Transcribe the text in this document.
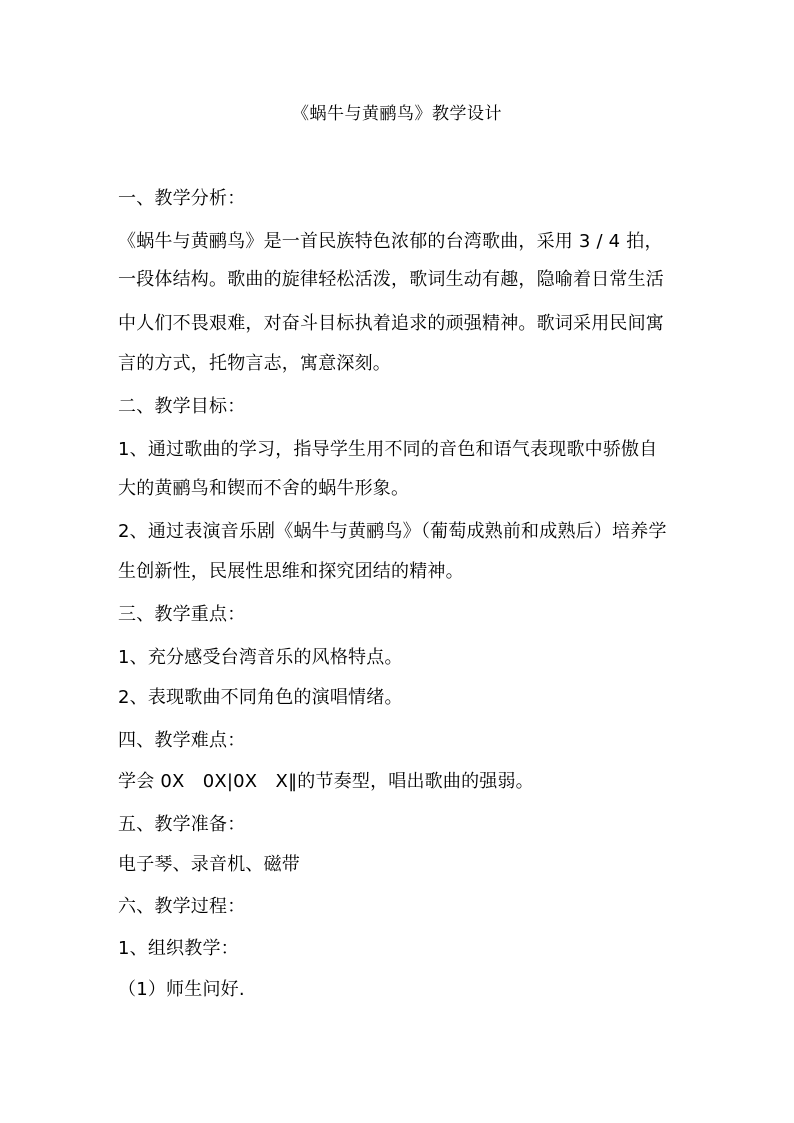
《蜗牛与黄鹂鸟》教学设计
一、教学分析：
《蜗牛与黄鹂鸟》是一首民族特色浓郁的台湾歌曲，采用 3 / 4 拍，
一段体结构。歌曲的旋律轻松活泼，歌词生动有趣，隐喻着日常生活
中人们不畏艰难，对奋斗目标执着追求的顽强精神。歌词采用民间寓
言的方式，托物言志，寓意深刻。
二、教学目标：
1、通过歌曲的学习，指导学生用不同的音色和语气表现歌中骄傲自
大的黄鹂鸟和锲而不舍的蜗牛形象。
2、通过表演音乐剧《蜗牛与黄鹂鸟》（葡萄成熟前和成熟后）培养学
生创新性，民展性思维和探究团结的精神。
三、教学重点：
1、充分感受台湾音乐的风格特点。
2、表现歌曲不同角色的演唱情绪。
四、教学难点：
学会 0X　0X|0X　X‖的节奏型，唱出歌曲的强弱。
五、教学准备：
电子琴、录音机、磁带
六、教学过程：
1、组织教学：
（1）师生问好.
